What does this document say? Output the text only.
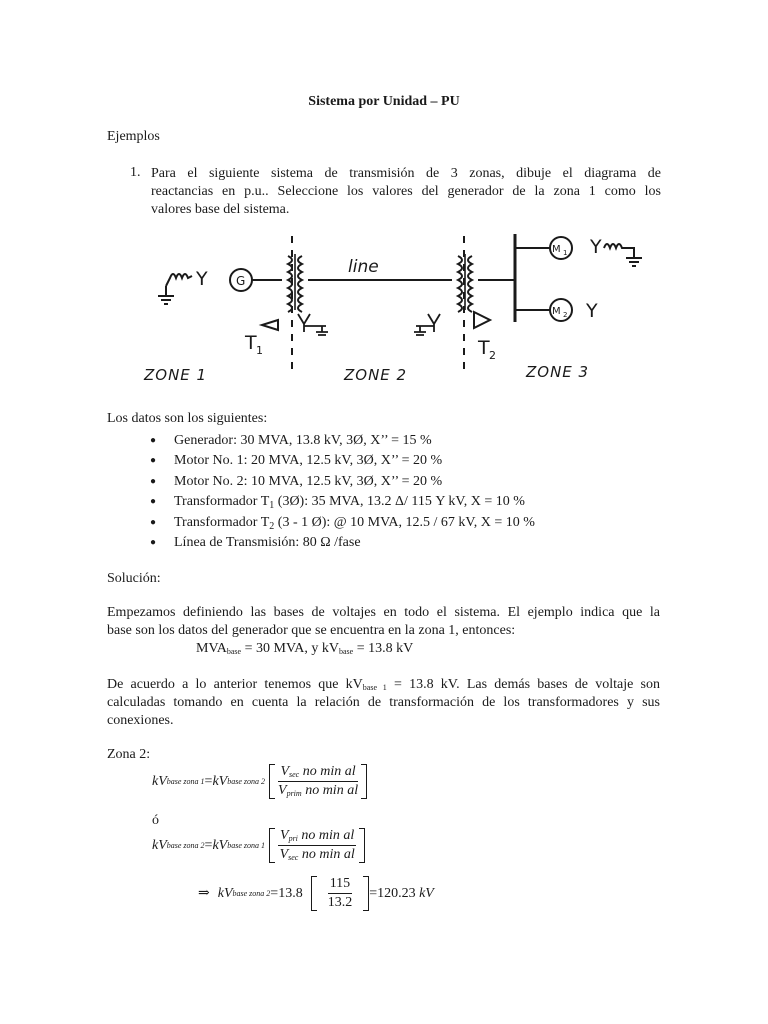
Sistema por Unidad – PU
Ejemplos
1. Para el siguiente sistema de transmisión de 3 zonas, dibuje el diagrama de
reactancias en p.u.. Seleccione los valores del generador de la zona 1 como los
valores base del sistema.
Y G
T 1
line
T 2
M 1 Y
M 2 Y
ZONE 1	ZONE 2	ZONE 3
Los datos son los siguientes:
● Generador: 30 MVA, 13.8 kV, 3Ø, X’’ = 15 %
● Motor No. 1: 20 MVA, 12.5 kV, 3Ø, X’’ = 20 %
● Motor No. 2: 10 MVA, 12.5 kV, 3Ø, X’’ = 20 %
● Transformador $T_1$ (3Ø): 35 MVA, 13.2 Δ/ 115 Y kV, X = 10 %
● Transformador $T_2$ (3 - 1 Ø): @ 10 MVA, 12.5 / 67 kV, X = 10 %
● Línea de Transmisión: 80 Ω /fase
Solución:
Empezamos definiendo las bases de voltajes en todo el sistema. El ejemplo indica que la
base son los datos del generador que se encuentra en la zona 1, entonces:
$MVA_{base} = 30$ MVA, y $kV_{base} = 13.8$ kV
De acuerdo a lo anterior tenemos que $kV_{base 1} = 13.8$ kV. Las demás bases de voltaje son
calculadas tomando en cuenta la relación de transformación de los transformadores y sus
conexiones.
Zona 2:
kV base zona 1 = kV base zona $2 \frac{V_{sec} no \min al}{V_{prim} no \min al}$
ó
kV base zona 2 = kV base zona $1 \frac{V_{pri} no \min al}{V_{sec} no \min al}$
⇒ kV base zona $2 = 13.8 \frac{115}{13.2} = 120.23$
kV
